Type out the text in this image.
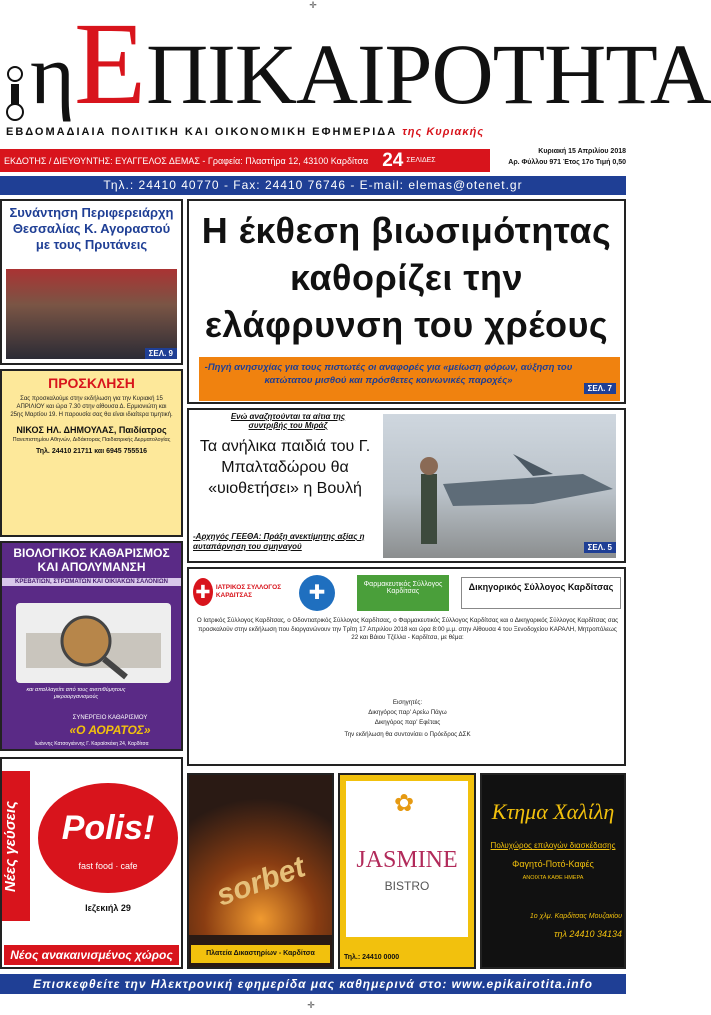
✛
✛
ηΕΠΙΚΑΙΡΟΤΗΤΑ
ΕΒΔΟΜΑΔΙΑΙΑ ΠΟΛΙΤΙΚΗ ΚΑΙ ΟΙΚΟΝΟΜΙΚΗ ΕΦΗΜΕΡΙΔΑ της Κυριακής
ΕΚΔΟΤΗΣ / ΔΙΕΥΘΥΝΤΗΣ: ΕΥΑΓΓΕΛΟΣ ΔΕΜΑΣ - Γραφεία: Πλαστήρα 12, 43100 Καρδίτσα 24 ΣΕΛΙΔΕΣ
Κυριακή 15 Απριλίου 2018
Αρ. Φύλλου 971 Έτος 17ο Τιμή 0,50
Τηλ.: 24410 40770 - Fax: 24410 76746 - E-mail: elemas@otenet.gr
Συνάντηση Περιφερειάρχη Θεσσαλίας Κ. Αγοραστού με τους Πρυτάνεις
ΣΕΛ. 9
Η έκθεση βιωσιμότητας καθορίζει την ελάφρυνση του χρέους
-Πηγή ανησυχίας για τους πιστωτές οι αναφορές για «μείωση φόρων, αύξηση του κατώτατου μισθού και πρόσθετες κοινωνικές παροχές»
ΣΕΛ. 7
ΠΡΟΣΚΛΗΣΗ
Σας προσκαλούμε στην εκδήλωση για την Κυριακή 15 ΑΠΡΙΛΙΟΥ και ώρα 7.30 στην αίθουσα Δ. Ερμιονιώτη και 25ης Μαρτίου 19. Η παρουσία σας θα είναι ιδιαίτερα τιμητική.
ΝΙΚΟΣ ΗΛ. ΔΗΜΟΥΛΑΣ, Παιδίατρος
Πανεπιστημίου Αθηνών, Διδάκτορας Παιδιατρικής Δερματολογίας
Τηλ. 24410 21711 και 6945 755516
Ενώ αναζητούνται τα αίτια της συντριβής του Μιράζ
Τα ανήλικα παιδιά του Γ. Μπαλταδώρου θα «υιοθετήσει» η Βουλή
-Αρχηγός ΓΕΕΘΑ: Πράξη ανεκτίμητης αξίας η αυταπάρνηση του σμηναγού	ΣΕΛ. 5
ΒΙΟΛΟΓΙΚΟΣ ΚΑΘΑΡΙΣΜΟΣ ΚΑΙ ΑΠΟΛΥΜΑΝΣΗ
ΚΡΕΒΑΤΙΩΝ, ΣΤΡΩΜΑΤΩΝ ΚΑΙ ΟΙΚΙΑΚΩΝ ΣΑΛΟΝΙΩΝ
και απαλλαγείτε από τους ανεπιθύμητους μικροοργανισμούς
ΣΥΝΕΡΓΕΙΟ ΚΑΘΑΡΙΣΜΟΥ
«Ο ΑΟΡΑΤΟΣ»
Ιωάννης Κατσογιάννης Γ. Καραϊσκάκη 24, Καρδίτσα
✚ ΙΑΤΡΙΚΟΣ ΣΥΛΛΟΓΟΣ ΚΑΡΔΙΤΣΑΣ	✚	Φαρμακευτικός Σύλλογος Καρδίτσας	Δικηγορικός Σύλλογος Καρδίτσας
Ο Ιατρικός Σύλλογος Καρδίτσας, ο Οδοντιατρικός Σύλλογος Καρδίτσας, ο Φαρμακευτικός Σύλλογος Καρδίτσας και ο Δικηγορικός Σύλλογος Καρδίτσας σας προσκαλούν στην εκδήλωση που διοργανώνουν την Τρίτη 17 Απριλίου 2018 και ώρα 8:00 μ.μ. στην Αίθουσα 4 του Ξενοδοχείου ΚΑΡΑΛΗ, Μητροπόλεως 22 και Βάιου Τζέλλα - Καρδίτσα, με θέμα:
Εισηγητές:
Δικηγόρος παρ' Αρείω Πάγω
Δικηγόρος παρ' Εφέταις
Την εκδήλωση θα συντονίσει ο Πρόεδρος ΔΣΚ
Νέες γεύσεις	Polis!
fast food ∙ cafe
Ιεζεκιήλ 29
Νέος ανακαινισμένος χώρος
sorbet
Πλατεία Δικαστηρίων - Καρδίτσα
✿
JASMINE
BISTRO
Τηλ.: 24410 0000
Κτημα Χαλίλη
Πολυχώρος επιλογών διασκέδασης
Φαγητό-Ποτό-Καφές
ΑΝΟΙΧΤΑ ΚΑΘΕ ΗΜΕΡΑ
1ο χλμ. Καρδίτσας Μουζακίου
τηλ 24410 34134
Επισκεφθείτε την Ηλεκτρονική εφημερίδα μας καθημερινά στο: www.epikairotita.info
